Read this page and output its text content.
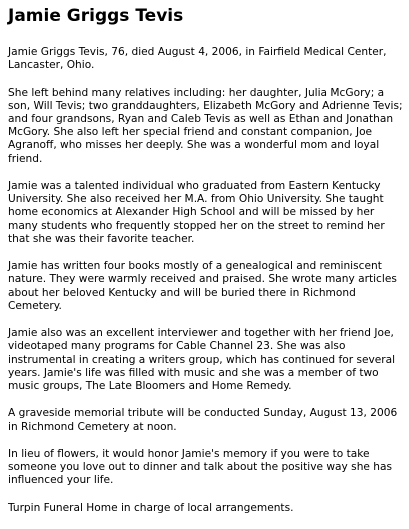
Jamie Griggs Tevis

Jamie Griggs Tevis, 76, died August 4, 2006, in Fairfield Medical Center, Lancaster, Ohio.

She left behind many relatives including: her daughter, Julia McGory; a son, Will Tevis; two granddaughters, Elizabeth McGory and Adrienne Tevis; and four grandsons, Ryan and Caleb Tevis as well as Ethan and Jonathan McGory. She also left her special friend and constant companion, Joe Agranoff, who misses her deeply. She was a wonderful mom and loyal friend.

Jamie was a talented individual who graduated from Eastern Kentucky University. She also received her M.A. from Ohio University. She taught home economics at Alexander High School and will be missed by her many students who frequently stopped her on the street to remind her that she was their favorite teacher.

Jamie has written four books mostly of a genealogical and reminiscent nature. They were warmly received and praised. She wrote many articles about her beloved Kentucky and will be buried there in Richmond Cemetery.

Jamie also was an excellent interviewer and together with her friend Joe, videotaped many programs for Cable Channel 23. She was also instrumental in creating a writers group, which has continued for several years. Jamie's life was filled with music and she was a member of two music groups, The Late Bloomers and Home Remedy.

A graveside memorial tribute will be conducted Sunday, August 13, 2006 in Richmond Cemetery at noon.

In lieu of flowers, it would honor Jamie's memory if you were to take someone you love out to dinner and talk about the positive way she has influenced your life.

Turpin Funeral Home in charge of local arrangements.
